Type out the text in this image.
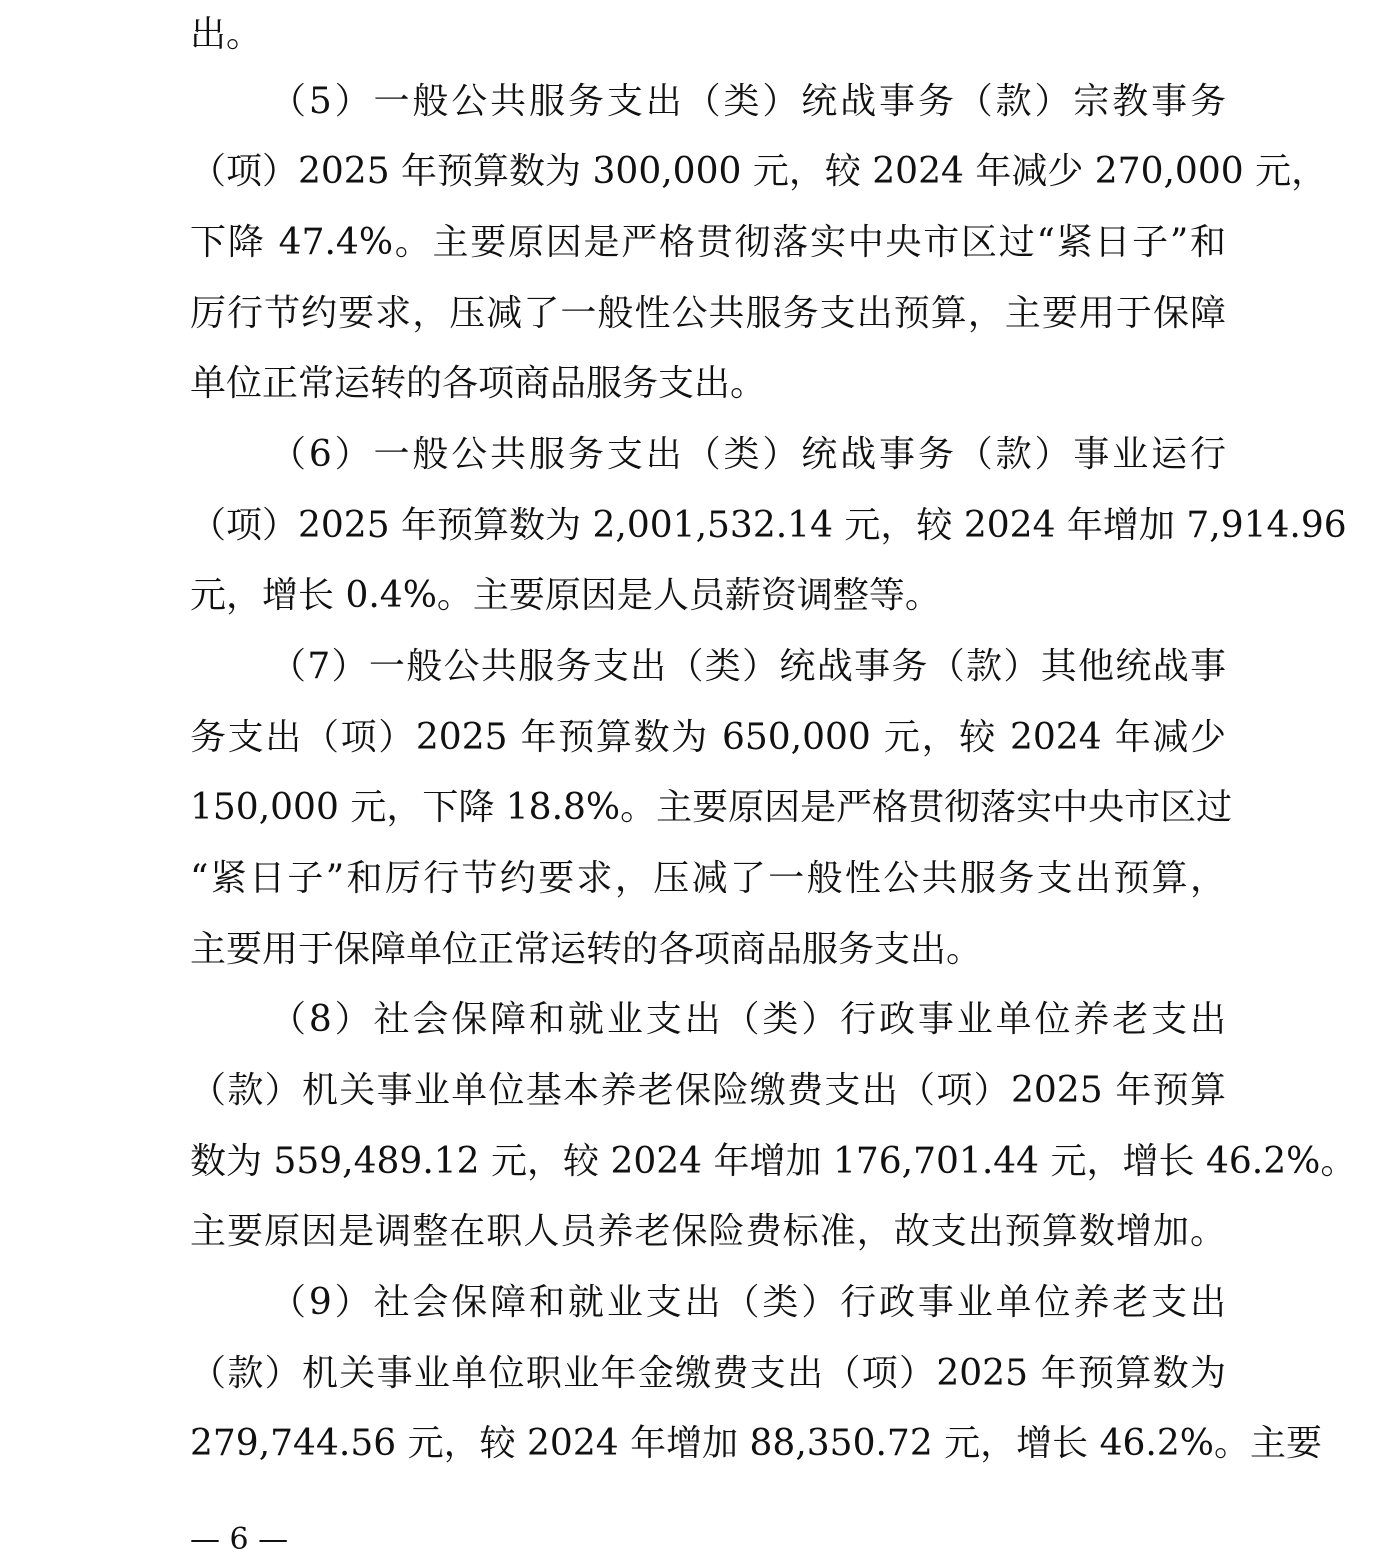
出。
（5）一般公共服务支出（类）统战事务（款）宗教事务
（项）2025 年预算数为 300,000 元，较 2024 年减少 270,000 元，
下降 47.4%。主要原因是严格贯彻落实中央市区过“紧日子”和
厉行节约要求，压减了一般性公共服务支出预算，主要用于保障
单位正常运转的各项商品服务支出。
（6）一般公共服务支出（类）统战事务（款）事业运行
（项）2025 年预算数为 2,001,532.14 元，较 2024 年增加 7,914.96
元，增长 0.4%。主要原因是人员薪资调整等。
（7）一般公共服务支出（类）统战事务（款）其他统战事
务支出（项）2025 年预算数为 650,000 元，较 2024 年减少
150,000 元，下降 18.8%。主要原因是严格贯彻落实中央市区过
“紧日子”和厉行节约要求，压减了一般性公共服务支出预算，
主要用于保障单位正常运转的各项商品服务支出。
（8）社会保障和就业支出（类）行政事业单位养老支出
（款）机关事业单位基本养老保险缴费支出（项）2025 年预算
数为 559,489.12 元，较 2024 年增加 176,701.44 元，增长 46.2%。
主要原因是调整在职人员养老保险费标准，故支出预算数增加。
（9）社会保障和就业支出（类）行政事业单位养老支出
（款）机关事业单位职业年金缴费支出（项）2025 年预算数为
279,744.56 元，较 2024 年增加 88,350.72 元，增长 46.2%。主要
— 6 —
